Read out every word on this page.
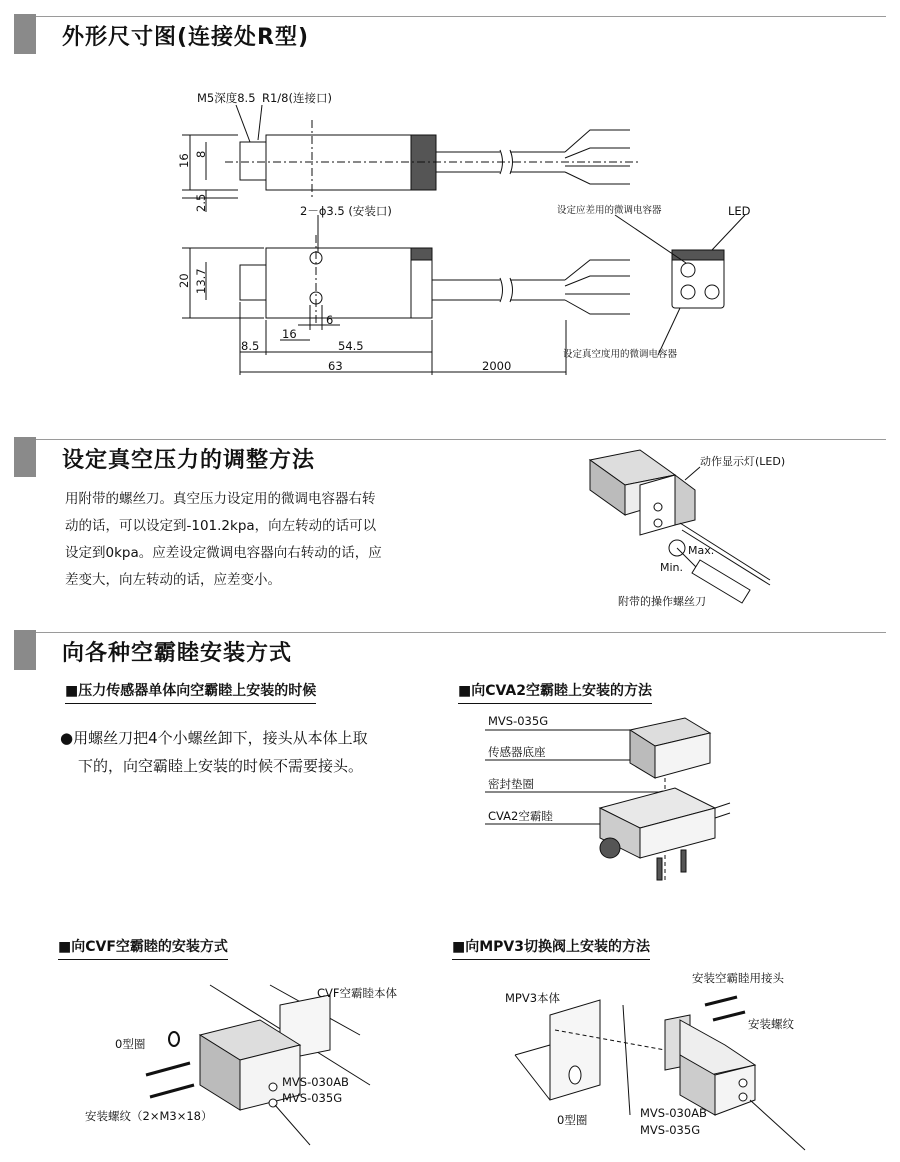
外形尺寸图(连接处R型)
M5深度8.5 R1/8(连接口)
2－ϕ3.5 (安装口)	设定应差用的微调电容器	LED
设定真空度用的微调电容器
16 8
2.5
20 13.7
6
16
8.5	54.5
63	2000
设定真空压力的调整方法
用附带的螺丝刀。真空压力设定用的微调电容器右转
动的话，可以设定到-101.2kpa，向左转动的话可以
设定到0kpa。应差设定微调电容器向右转动的话，应
差变大，向左转动的话，应差变小。
动作显示灯(LED)
Max.
Min.
附带的操作螺丝刀
向各种空霸睦安装方式
■压力传感器单体向空霸睦上安装的时候
●用螺丝刀把4个小螺丝卸下，接头从本体上取
下的，向空霸睦上安装的时候不需要接头。
■向CVA2空霸睦上安装的方法
MVS-035G
传感器底座
密封垫圈
CVA2空霸睦
■向CVF空霸睦的安装方式
CVF空霸睦本体
0型圈
MVS-030AB
MVS-035G
安装螺纹（2×M3×18）
■向MPV3切换阀上安装的方法
安装空霸睦用接头
MPV3本体
安装螺纹
0型圈	MVS-030AB
MVS-035G
